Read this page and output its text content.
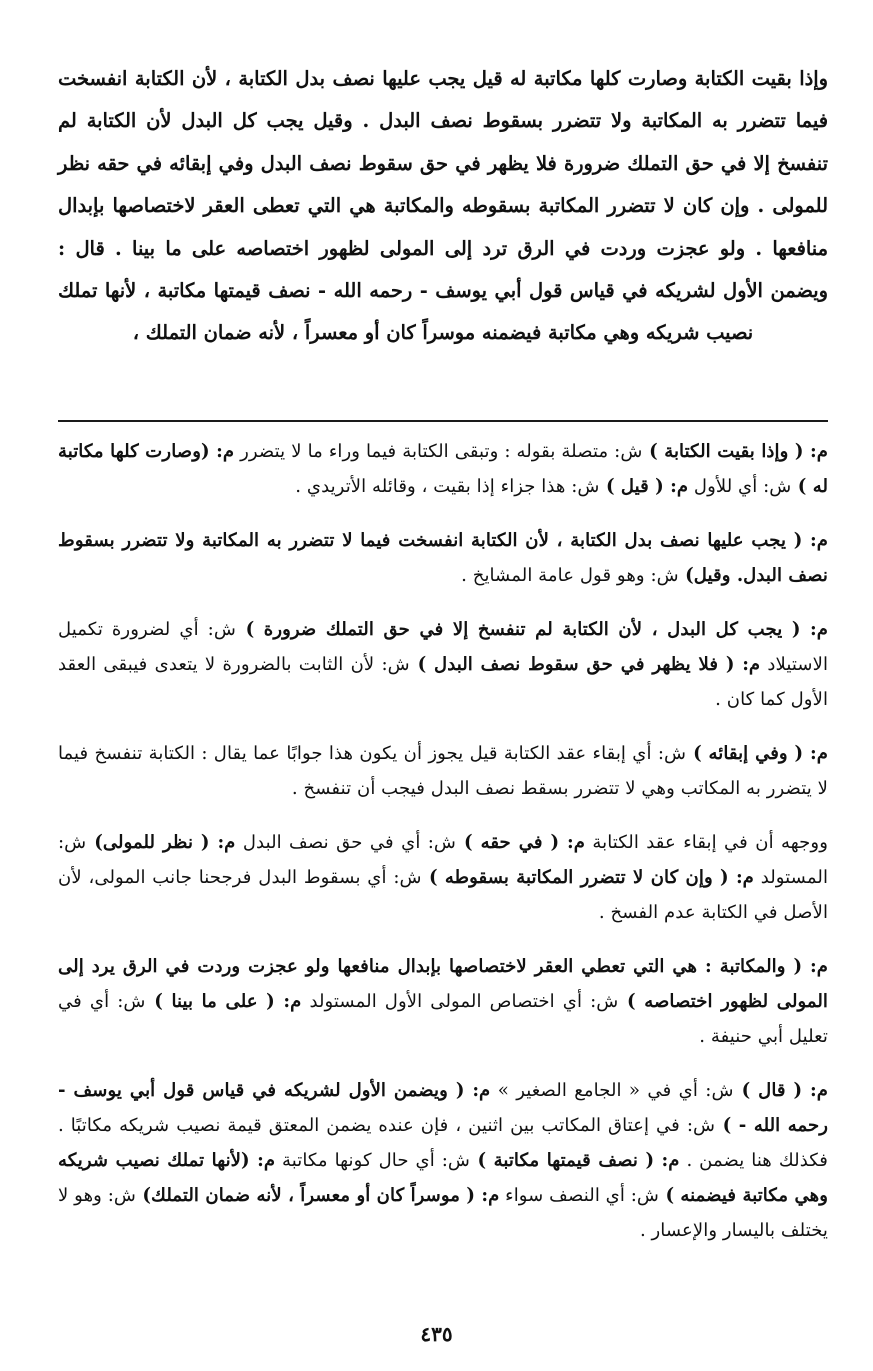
وإذا بقيت الكتابة وصارت كلها مكاتبة له قيل يجب عليها نصف بدل الكتابة ، لأن الكتابة انفسخت فيما تتضرر به المكاتبة ولا تتضرر بسقوط نصف البدل . وقيل يجب كل البدل لأن الكتابة لم تنفسخ إلا في حق التملك ضرورة فلا يظهر في حق سقوط نصف البدل وفي إبقائه في حقه نظر للمولى . وإن كان لا تتضرر المكاتبة بسقوطه والمكاتبة هي التي تعطى العقر لاختصاصها بإبدال منافعها . ولو عجزت وردت في الرق ترد إلى المولى لظهور اختصاصه على ما بينا . قال : ويضمن الأول لشريكه في قياس قول أبي يوسف - رحمه الله - نصف قيمتها مكاتبة ، لأنها تملك نصيب شريكه وهي مكاتبة فيضمنه موسراً كان أو معسراً ، لأنه ضمان التملك ،

م: ( وإذا بقيت الكتابة ) ش: متصلة بقوله : وتبقى الكتابة فيما وراء ما لا يتضرر م: (وصارت كلها مكاتبة له ) ش: أي للأول م: ( قيل ) ش: هذا جزاء إذا بقيت ، وقائله الأتريدي .

م: ( يجب عليها نصف بدل الكتابة ، لأن الكتابة انفسخت فيما لا تتضرر به المكاتبة ولا تتضرر بسقوط نصف البدل. وقيل) ش: وهو قول عامة المشايخ .

م: ( يجب كل البدل ، لأن الكتابة لم تنفسخ إلا في حق التملك ضرورة ) ش: أي لضرورة تكميل الاستيلاد م: ( فلا يظهر في حق سقوط نصف البدل ) ش: لأن الثابت بالضرورة لا يتعدى فيبقى العقد الأول كما كان .

م: ( وفي إبقائه ) ش: أي إبقاء عقد الكتابة قيل يجوز أن يكون هذا جوابًا عما يقال : الكتابة تنفسخ فيما لا يتضرر به المكاتب وهي لا تتضرر بسقط نصف البدل فيجب أن تنفسخ .

ووجهه أن في إبقاء عقد الكتابة م: ( في حقه ) ش: أي في حق نصف البدل م: ( نظر للمولى) ش: المستولد م: ( وإن كان لا تتضرر المكاتبة بسقوطه ) ش: أي بسقوط البدل فرجحنا جانب المولى، لأن الأصل في الكتابة عدم الفسخ .

م: ( والمكاتبة : هي التي تعطي العقر لاختصاصها بإبدال منافعها ولو عجزت وردت في الرق يرد إلى المولى لظهور اختصاصه ) ش: أي اختصاص المولى الأول المستولد م: ( على ما بينا ) ش: أي في تعليل أبي حنيفة .

م: ( قال ) ش: أي في « الجامع الصغير » م: ( ويضمن الأول لشريكه في قياس قول أبي يوسف - رحمه الله - ) ش: في إعتاق المكاتب بين اثنين ، فإن عنده يضمن المعتق قيمة نصيب شريكه مكاتبًا . فكذلك هنا يضمن . م: ( نصف قيمتها مكاتبة ) ش: أي حال كونها مكاتبة م: (لأنها تملك نصيب شريكه وهي مكاتبة فيضمنه ) ش: أي النصف سواء م: ( موسراً كان أو معسراً ، لأنه ضمان التملك) ش: وهو لا يختلف باليسار والإعسار .

٤٣٥
